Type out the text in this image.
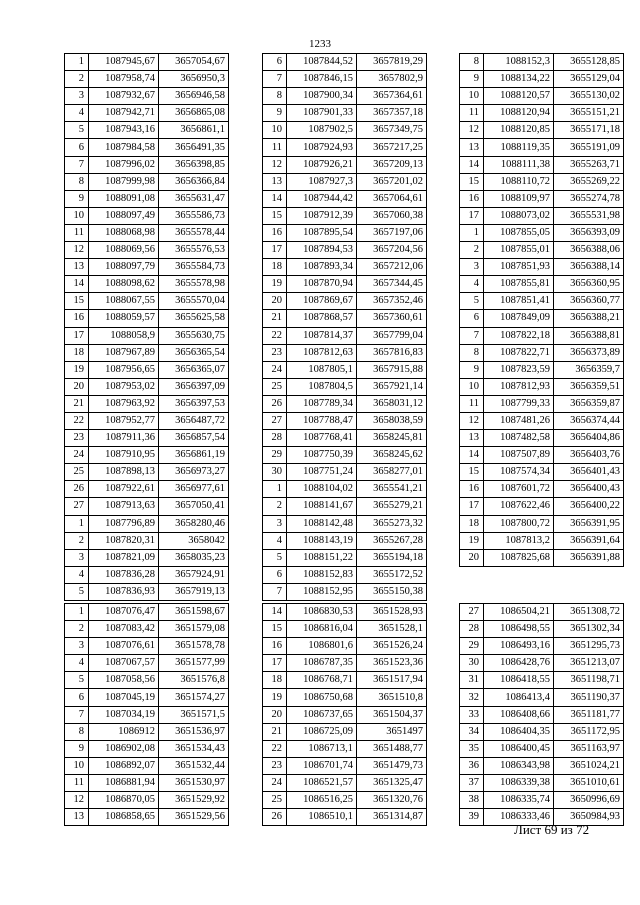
1233
1	1087945,67	3657054,67
2	1087958,74	3656950,3
3	1087932,67	3656946,58
4	1087942,71	3656865,08
5	1087943,16	3656861,1
6	1087984,58	3656491,35
7	1087996,02	3656398,85
8	1087999,98	3656366,84
9	1088091,08	3655631,47
10	1088097,49	3655586,73
11	1088068,98	3655578,44
12	1088069,56	3655576,53
13	1088097,79	3655584,73
14	1088098,62	3655578,98
15	1088067,55	3655570,04
16	1088059,57	3655625,58
17	1088058,9	3655630,75
18	1087967,89	3656365,54
19	1087956,65	3656365,07
20	1087953,02	3656397,09
21	1087963,92	3656397,53
22	1087952,77	3656487,72
23	1087911,36	3656857,54
24	1087910,95	3656861,19
25	1087898,13	3656973,27
26	1087922,61	3656977,61
27	1087913,63	3657050,41
1	1087796,89	3658280,46
2	1087820,31	3658042
3	1087821,09	3658035,23
4	1087836,28	3657924,91
5	1087836,93	3657919,13
6	1087844,52	3657819,29
7	1087846,15	3657802,9
8	1087900,34	3657364,61
9	1087901,33	3657357,18
10	1087902,5	3657349,75
11	1087924,93	3657217,25
12	1087926,21	3657209,13
13	1087927,3	3657201,02
14	1087944,42	3657064,61
15	1087912,39	3657060,38
16	1087895,54	3657197,06
17	1087894,53	3657204,56
18	1087893,34	3657212,06
19	1087870,94	3657344,45
20	1087869,67	3657352,46
21	1087868,57	3657360,61
22	1087814,37	3657799,04
23	1087812,63	3657816,83
24	1087805,1	3657915,88
25	1087804,5	3657921,14
26	1087789,34	3658031,12
27	1087788,47	3658038,59
28	1087768,41	3658245,81
29	1087750,39	3658245,62
30	1087751,24	3658277,01
1	1088104,02	3655541,21
2	1088141,67	3655279,21
3	1088142,48	3655273,32
4	1088143,19	3655267,28
5	1088151,22	3655194,18
6	1088152,83	3655172,52
7	1088152,95	3655150,38
8	1088152,3	3655128,85
9	1088134,22	3655129,04
10	1088120,57	3655130,02
11	1088120,94	3655151,21
12	1088120,85	3655171,18
13	1088119,35	3655191,09
14	1088111,38	3655263,71
15	1088110,72	3655269,22
16	1088109,97	3655274,78
17	1088073,02	3655531,98
1	1087855,05	3656393,09
2	1087855,01	3656388,06
3	1087851,93	3656388,14
4	1087855,81	3656360,95
5	1087851,41	3656360,77
6	1087849,09	3656388,21
7	1087822,18	3656388,81
8	1087822,71	3656373,89
9	1087823,59	3656359,7
10	1087812,93	3656359,51
11	1087799,33	3656359,87
12	1087481,26	3656374,44
13	1087482,58	3656404,86
14	1087507,89	3656403,76
15	1087574,34	3656401,43
16	1087601,72	3656400,43
17	1087622,46	3656400,22
18	1087800,72	3656391,95
19	1087813,2	3656391,64
20	1087825,68	3656391,88
1	1087076,47	3651598,67
2	1087083,42	3651579,08
3	1087076,61	3651578,78
4	1087067,57	3651577,99
5	1087058,56	3651576,8
6	1087045,19	3651574,27
7	1087034,19	3651571,5
8	1086912	3651536,97
9	1086902,08	3651534,43
10	1086892,07	3651532,44
11	1086881,94	3651530,97
12	1086870,05	3651529,92
13	1086858,65	3651529,56
14	1086830,53	3651528,93
15	1086816,04	3651528,1
16	1086801,6	3651526,24
17	1086787,35	3651523,36
18	1086768,71	3651517,94
19	1086750,68	3651510,8
20	1086737,65	3651504,37
21	1086725,09	3651497
22	1086713,1	3651488,77
23	1086701,74	3651479,73
24	1086521,57	3651325,47
25	1086516,25	3651320,76
26	1086510,1	3651314,87
27	1086504,21	3651308,72
28	1086498,55	3651302,34
29	1086493,16	3651295,73
30	1086428,76	3651213,07
31	1086418,55	3651198,71
32	1086413,4	3651190,37
33	1086408,66	3651181,77
34	1086404,35	3651172,95
35	1086400,45	3651163,97
36	1086343,98	3651024,21
37	1086339,38	3651010,61
38	1086335,74	3650996,69
39	1086333,46	3650984,93
Лист 69 из 72
